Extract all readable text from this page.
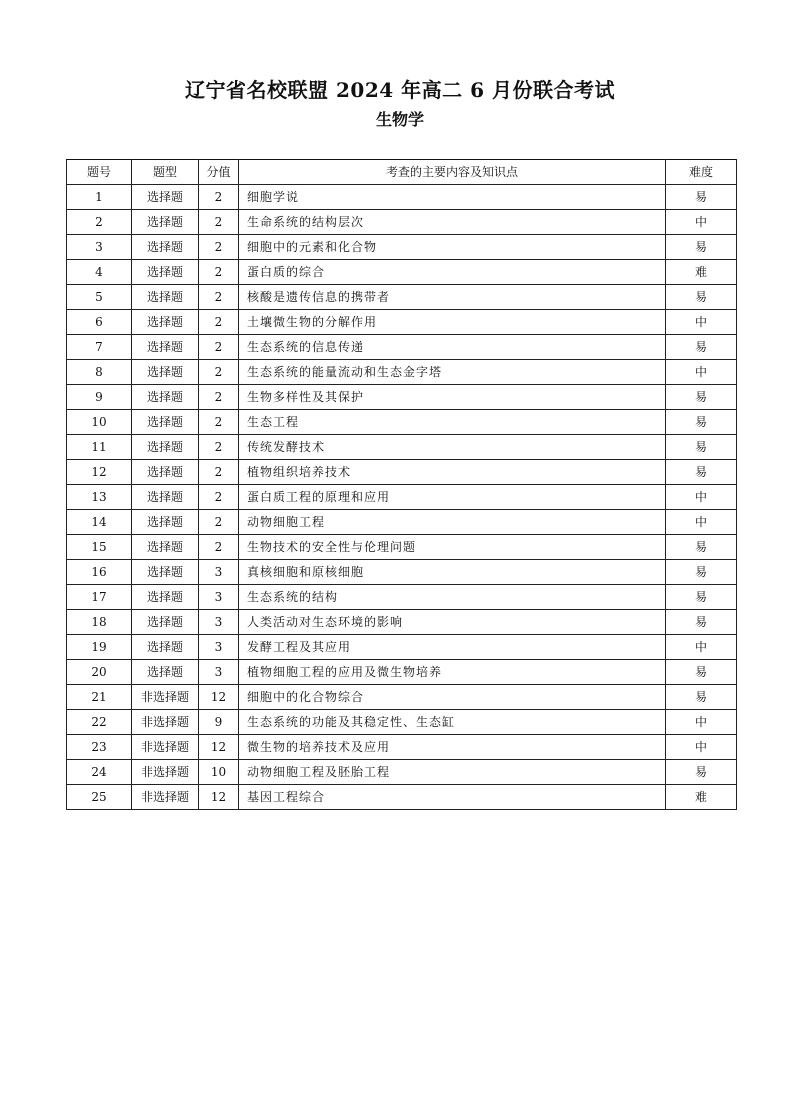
辽宁省名校联盟 2024 年高二 6 月份联合考试
生物学
题号	题型	分值	考查的主要内容及知识点	难度
1	选择题	2	细胞学说	易
2	选择题	2	生命系统的结构层次	中
3	选择题	2	细胞中的元素和化合物	易
4	选择题	2	蛋白质的综合	难
5	选择题	2	核酸是遗传信息的携带者	易
6	选择题	2	土壤微生物的分解作用	中
7	选择题	2	生态系统的信息传递	易
8	选择题	2	生态系统的能量流动和生态金字塔	中
9	选择题	2	生物多样性及其保护	易
10	选择题	2	生态工程	易
11	选择题	2	传统发酵技术	易
12	选择题	2	植物组织培养技术	易
13	选择题	2	蛋白质工程的原理和应用	中
14	选择题	2	动物细胞工程	中
15	选择题	2	生物技术的安全性与伦理问题	易
16	选择题	3	真核细胞和原核细胞	易
17	选择题	3	生态系统的结构	易
18	选择题	3	人类活动对生态环境的影响	易
19	选择题	3	发酵工程及其应用	中
20	选择题	3	植物细胞工程的应用及微生物培养	易
21	非选择题	12	细胞中的化合物综合	易
22	非选择题	9	生态系统的功能及其稳定性、生态缸	中
23	非选择题	12	微生物的培养技术及应用	中
24	非选择题	10	动物细胞工程及胚胎工程	易
25	非选择题	12	基因工程综合	难
